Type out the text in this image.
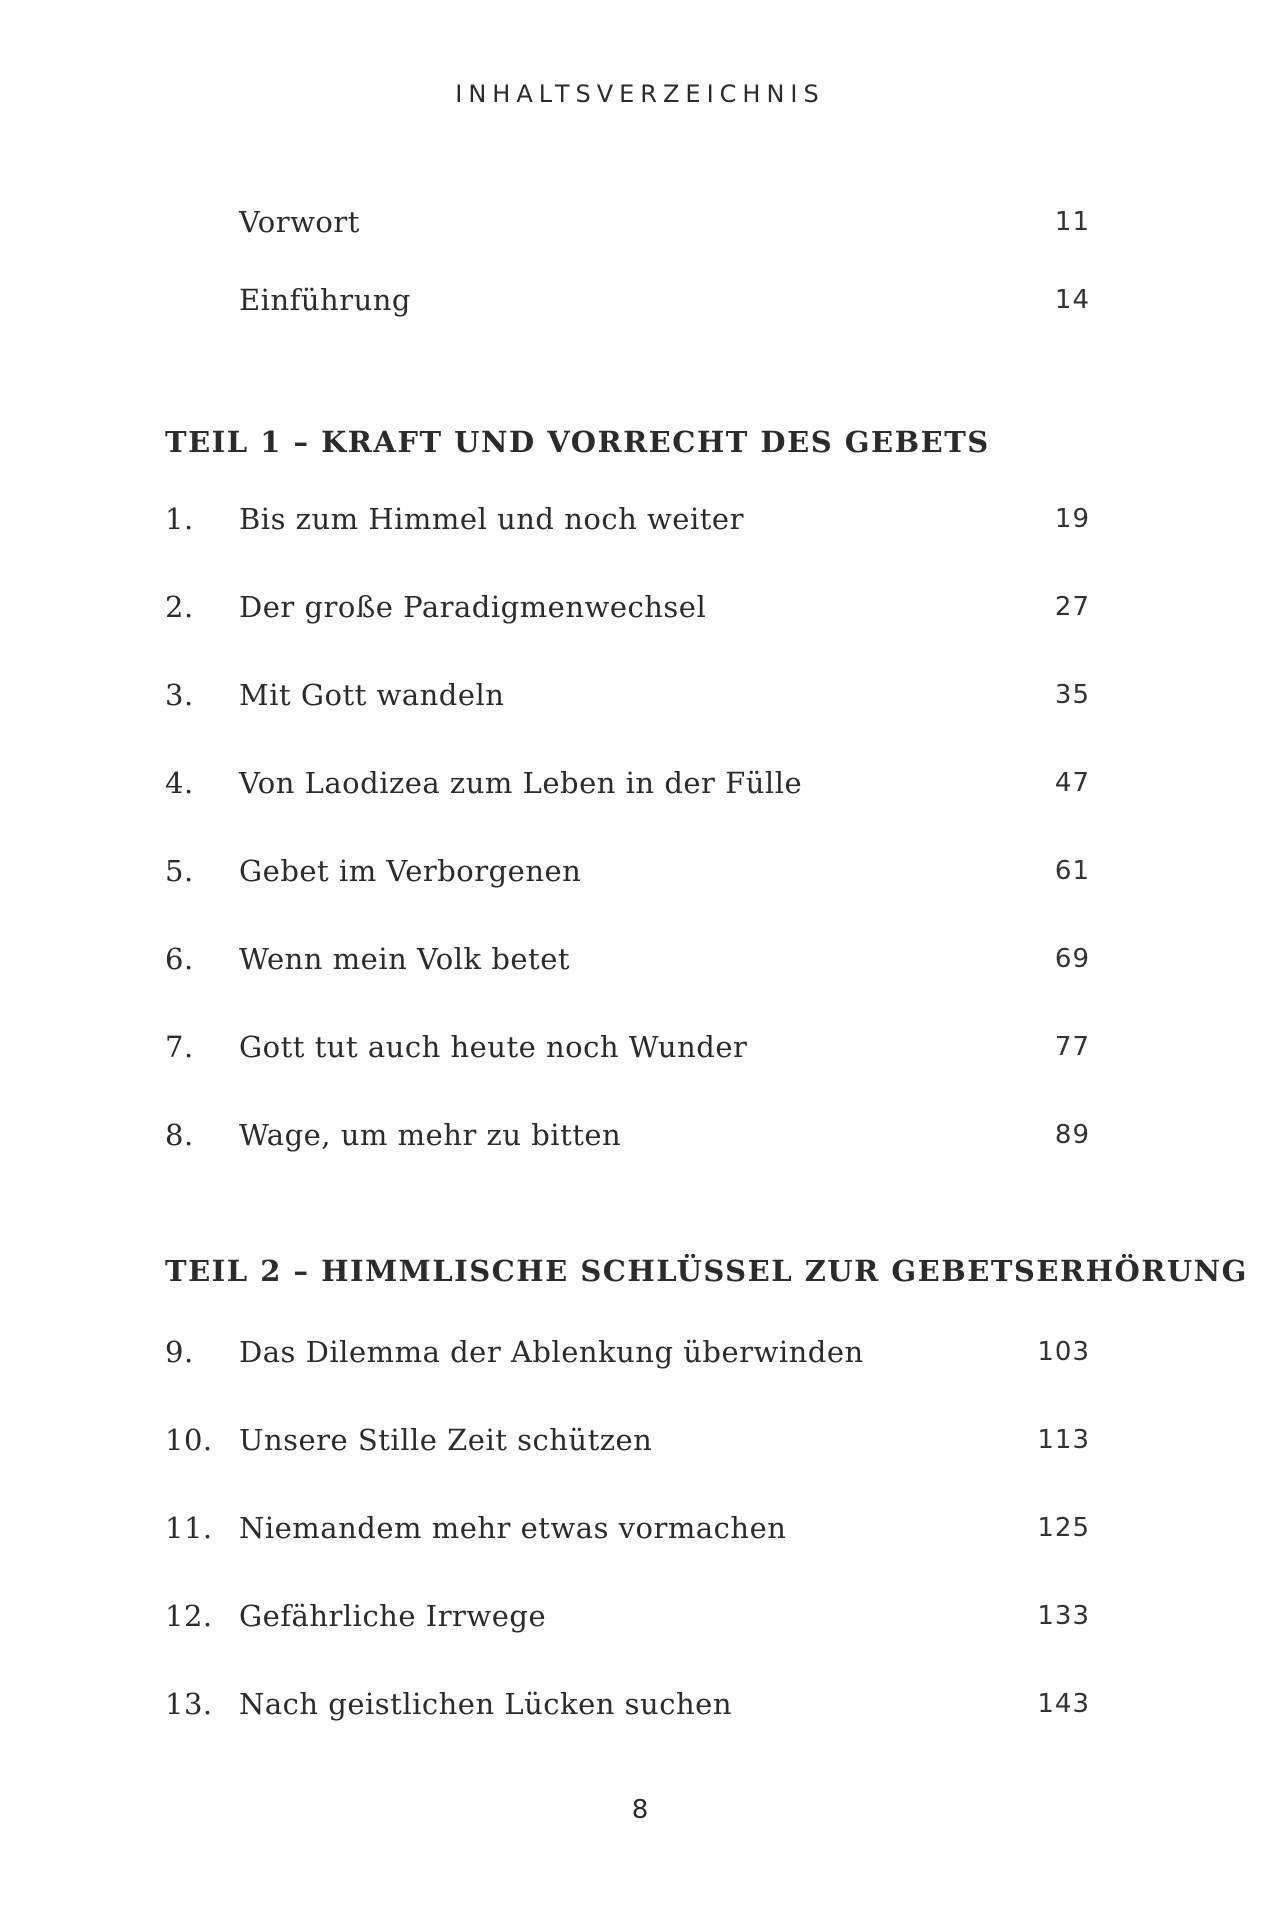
INHALTSVERZEICHNIS
Vorwort	11
Einführung	14
TEIL 1 – KRAFT UND VORRECHT DES GEBETS
1. Bis zum Himmel und noch weiter	19
2. Der große Paradigmenwechsel	27
3. Mit Gott wandeln	35
4. Von Laodizea zum Leben in der Fülle	47
5. Gebet im Verborgenen	61
6. Wenn mein Volk betet	69
7. Gott tut auch heute noch Wunder	77
8. Wage, um mehr zu bitten	89
TEIL 2 – HIMMLISCHE SCHLÜSSEL ZUR GEBETSERHÖRUNG
9. Das Dilemma der Ablenkung überwinden	103
10. Unsere Stille Zeit schützen	113
11. Niemandem mehr etwas vormachen	125
12. Gefährliche Irrwege	133
13. Nach geistlichen Lücken suchen	143
8
